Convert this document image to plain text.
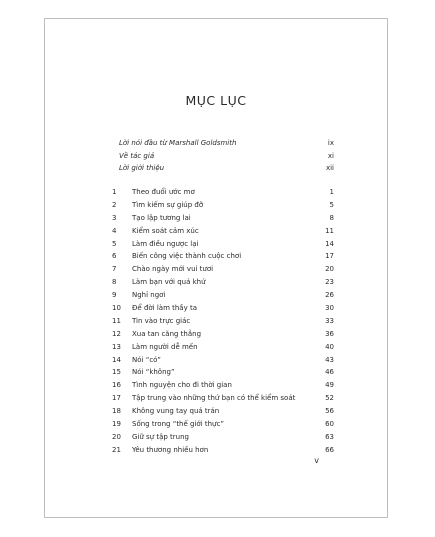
MỤC LỤC
Lời nói đầu từ Marshall Goldsmith	ix
Về tác giả	xi
Lời giới thiệu	xii
1 Theo đuổi ước mơ	1
2 Tìm kiếm sự giúp đỡ	5
3 Tạo lập tương lai	8
4 Kiểm soát cảm xúc	11
5 Làm điều ngược lại	14
6 Biến công việc thành cuộc chơi	17
7 Chào ngày mới vui tươi	20
8 Làm bạn với quá khứ	23
9 Nghỉ ngơi	26
10 Để đời làm thầy ta	30
11 Tin vào trực giác	33
12 Xua tan căng thẳng	36
13 Làm người dễ mến	40
14 Nói “có”	43
15 Nói “không”	46
16 Tình nguyện cho đi thời gian	49
17 Tập trung vào những thứ bạn có thể kiểm soát	52
18 Không vung tay quá trán	56
19 Sống trong “thế giới thực”	60
20 Giữ sự tập trung	63
21 Yêu thương nhiều hơn	66
v
